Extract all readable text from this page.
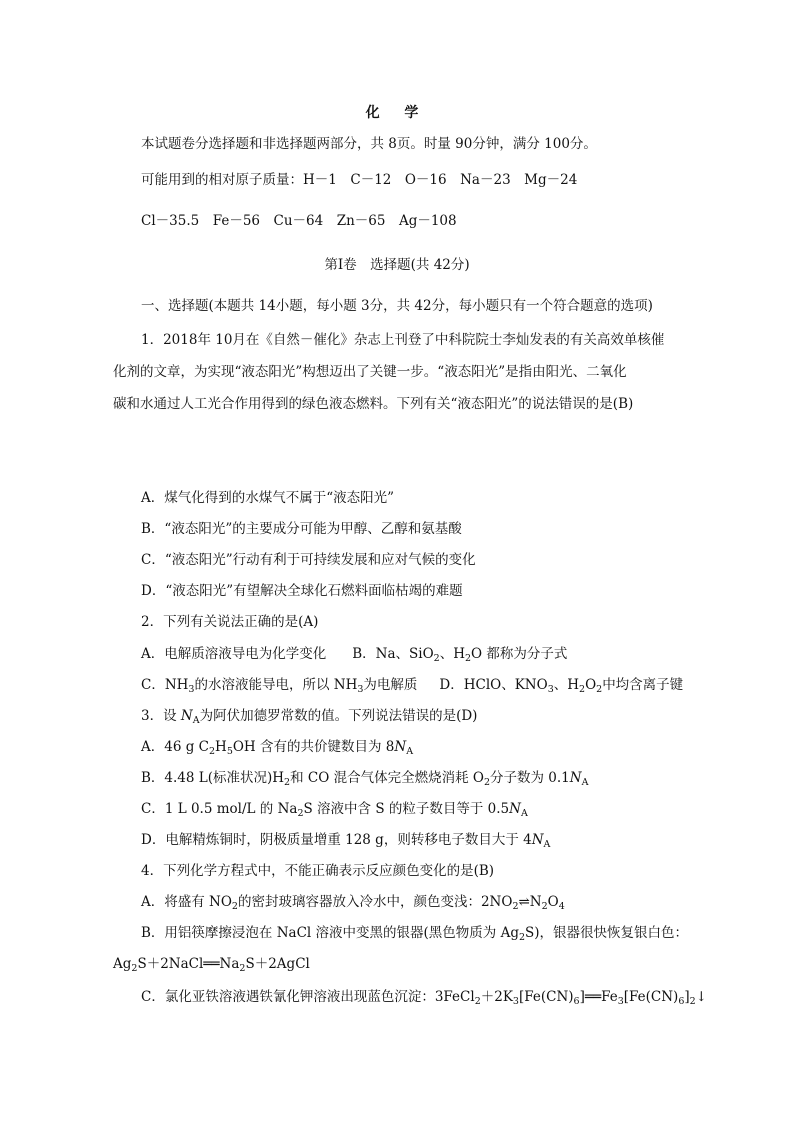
化 学
本试题卷分选择题和非选择题两部分，共 8页。时量 90分钟，满分 100分。
可能用到的相对原子质量：H－1　C－12　O－16　Na－23　Mg－24
Cl－35.5　Fe－56　Cu－64　Zn－65　Ag－108
第Ⅰ卷　选择题(共 42分)
一、选择题(本题共 14小题，每小题 3分，共 42分，每小题只有一个符合题意的选项)
1．2018年 10月在《自然－催化》杂志上刊登了中科院院士李灿发表的有关高效单核催
化剂的文章，为实现“液态阳光”构想迈出了关键一步。“液态阳光”是指由阳光、二氧化
碳和水通过人工光合作用得到的绿色液态燃料。下列有关“液态阳光”的说法错误的是(B)
A．煤气化得到的水煤气不属于“液态阳光”
B．“液态阳光”的主要成分可能为甲醇、乙醇和氨基酸
C．“液态阳光”行动有利于可持续发展和应对气候的变化
D．“液态阳光”有望解决全球化石燃料面临枯竭的难题
2．下列有关说法正确的是(A)
A．电解质溶液导电为化学变化 B．Na、SiO$_2$、$H_2O$ 都称为分子式
C．$NH_3$的水溶液能导电，所以 $NH_3$为电解质 D．HClO、$KNO_3$、$H_2O_2$中均含离子键
3．设 $N_A$为阿伏加德罗常数的值。下列说法错误的是(D)
A．46 g $C_2H_5OH$ 含有的共价键数目为 $8N_A$
B．4.48 L(标准状况)$H_2$和 CO 混合气体完全燃烧消耗 $O_2$分子数为 $0.1N_A$
C．1 L 0.5 mol/L 的 $Na_2S$ 溶液中含 S 的粒子数目等于 $0.5N_A$
D．电解精炼铜时，阴极质量增重 128 g，则转移电子数目大于 $4N_A$
4．下列化学方程式中，不能正确表示反应颜色变化的是(B)
A．将盛有 $NO_2$的密封玻璃容器放入冷水中，颜色变浅：$2NO_2\rightleftharpoons N_2O_4$
B．用铝筷摩擦浸泡在 NaCl 溶液中变黑的银器(黑色物质为 $Ag_2S$)，银器很快恢复银白色：
$Ag_2S+2NaCl══Na_2S+2AgCl$
C．氯化亚铁溶液遇铁氰化钾溶液出现蓝色沉淀：$3FeCl_2+2K_3[Fe(CN)_6]══Fe_3[Fe(CN)_6]_2↓$
